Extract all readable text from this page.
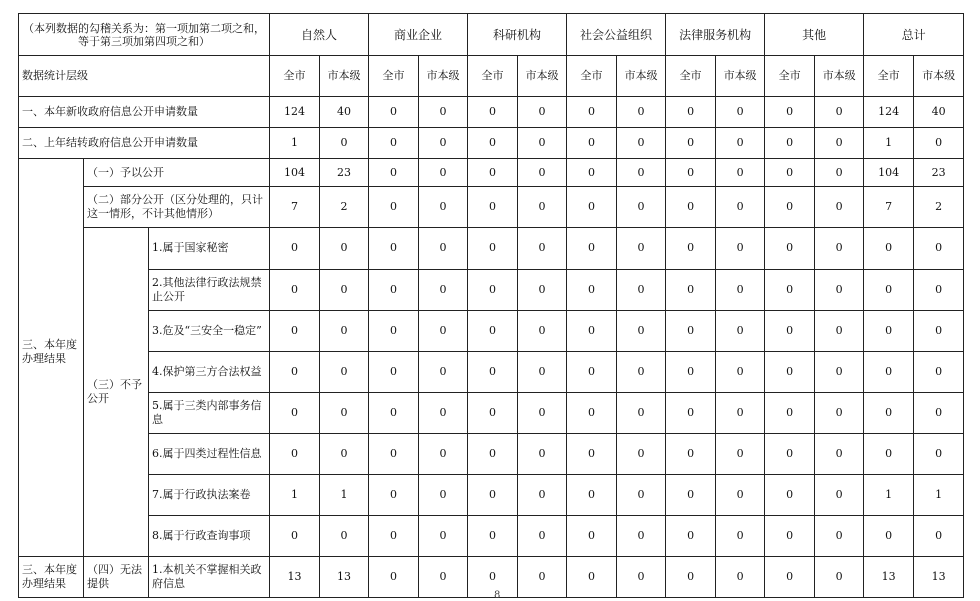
（本列数据的勾稽关系为：第一项加第二项之和，等于第三项加第四项之和）			自然人		商业企业		科研机构		社会公益组织		法律服务机构		其他		总计	
数据统计层级			全市	市本级	全市	市本级	全市	市本级	全市	市本级	全市	市本级	全市	市本级	全市	市本级
一、本年新收政府信息公开申请数量			124	40	0	0	0	0	0	0	0	0	0	0	124	40
二、上年结转政府信息公开申请数量			1	0	0	0	0	0	0	0	0	0	0	0	1	0

三、本年度办理结果	（一）予以公开		104	23	0	0	0	0	0	0	0	0	0	0	104	23
	（二）部分公开（区分处理的，只计这一情形，不计其他情形）		7	2	0	0	0	0	0	0	0	0	0	0	7	2
	（三）不予公开	1.属于国家秘密	0	0	0	0	0	0	0	0	0	0	0	0	0	0
		2.其他法律行政法规禁止公开	0	0	0	0	0	0	0	0	0	0	0	0	0	0
		3.危及“三安全一稳定”	0	0	0	0	0	0	0	0	0	0	0	0	0	0
		4.保护第三方合法权益	0	0	0	0	0	0	0	0	0	0	0	0	0	0
		5.属于三类内部事务信息	0	0	0	0	0	0	0	0	0	0	0	0	0	0
		6.属于四类过程性信息	0	0	0	0	0	0	0	0	0	0	0	0	0	0
		7.属于行政执法案卷	1	1	0	0	0	0	0	0	0	0	0	0	1	1
		8.属于行政查询事项	0	0	0	0	0	0	0	0	0	0	0	0	0	0
三、本年度办理结果	（四）无法提供	1.本机关不掌握相关政府信息	13	13	0	0	0	0	0	0	0	0	0	0	13	13
8
